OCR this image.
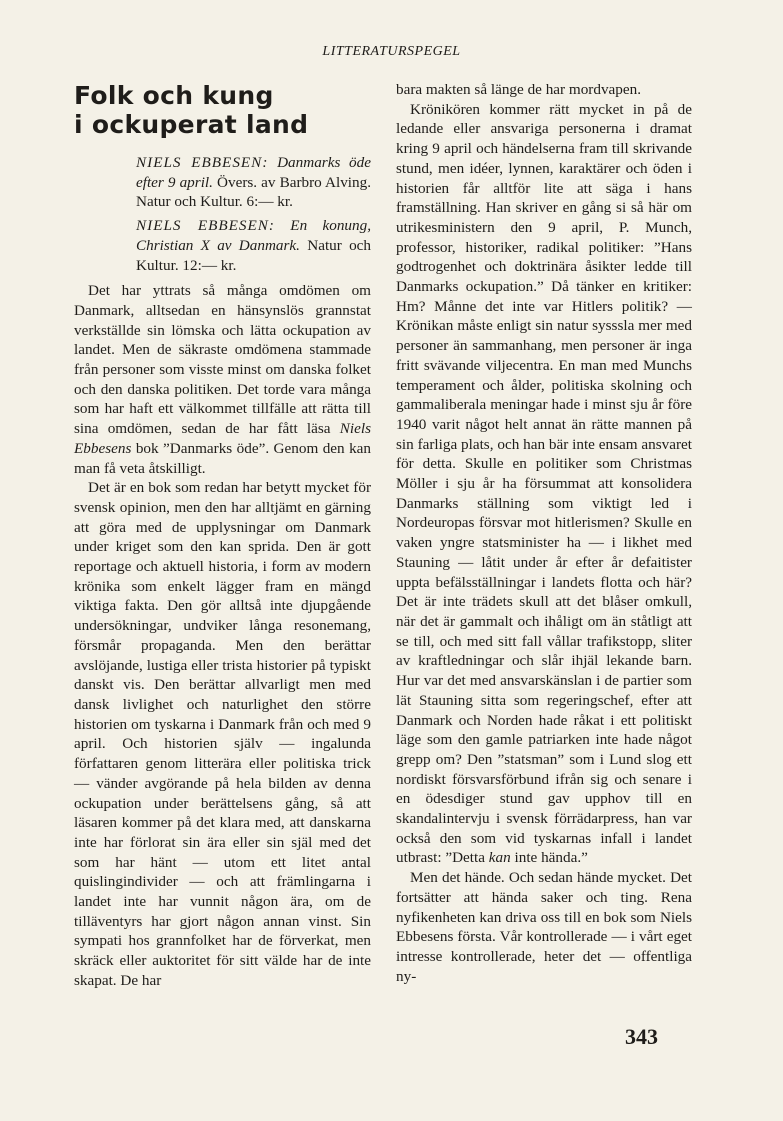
LITTERATURSPEGEL
Folk och kung
i ockuperat land
NIELS EBBESEN: Danmarks öde efter 9 april. Övers. av Barbro Alving. Natur och Kultur. 6:— kr.
NIELS EBBESEN: En konung, Christian X av Danmark. Natur och Kultur. 12:— kr.

Det har yttrats så många omdömen om Danmark, alltsedan en hänsynslös grannstat verkställde sin lömska och lätta ockupation av landet. Men de säkraste omdömena stammade från personer som visste minst om danska folket och den danska politiken. Det torde vara många som har haft ett välkommet tillfälle att rätta till sina omdömen, sedan de har fått läsa Niels Ebbesens bok ”Danmarks öde”. Genom den kan man få veta åtskilligt.

Det är en bok som redan har betytt mycket för svensk opinion, men den har alltjämt en gärning att göra med de upplysningar om Danmark under kriget som den kan sprida. Den är gott reportage och aktuell historia, i form av modern krönika som enkelt lägger fram en mängd viktiga fakta. Den gör alltså inte djupgående undersökningar, undviker långa resonemang, försmår propaganda. Men den berättar avslöjande, lustiga eller trista historier på typiskt danskt vis. Den berättar allvarligt men med dansk livlighet och naturlighet den större historien om tyskarna i Danmark från och med 9 april. Och historien själv — ingalunda författaren genom litterära eller politiska trick — vänder avgörande på hela bilden av denna ockupation under berättelsens gång, så att läsaren kommer på det klara med, att danskarna inte har förlorat sin ära eller sin själ med det som har hänt — utom ett litet antal quislingindivider — och att främlingarna i landet inte har vunnit någon ära, om de tilläventyrs har gjort någon annan vinst. Sin sympati hos grannfolket har de förverkat, men skräck eller auktoritet för sitt välde har de inte skapat. De har

bara makten så länge de har mordvapen.

Krönikören kommer rätt mycket in på de ledande eller ansvariga personerna i dramat kring 9 april och händelserna fram till skrivande stund, men idéer, lynnen, karaktärer och öden i historien får alltför lite att säga i hans framställning. Han skriver en gång si så här om utrikesministern den 9 april, P. Munch, professor, historiker, radikal politiker: ”Hans godtrogenhet och doktrinära åsikter ledde till Danmarks ockupation.” Då tänker en kritiker: Hm? Månne det inte var Hitlers politik? — Krönikan måste enligt sin natur sysssla mer med personer än sammanhang, men personer är inga fritt svävande viljecentra. En man med Munchs temperament och ålder, politiska skolning och gammaliberala meningar hade i minst sju år före 1940 varit något helt annat än rätte mannen på sin farliga plats, och han bär inte ensam ansvaret för detta. Skulle en politiker som Christmas Möller i sju år ha försummat att konsolidera Danmarks ställning som viktigt led i Nordeuropas försvar mot hitlerismen? Skulle en vaken yngre statsminister ha — i likhet med Stauning — låtit under år efter år defaitister uppta befälsställningar i landets flotta och här? Det är inte trädets skull att det blåser omkull, när det är gammalt och ihåligt om än ståtligt att se till, och med sitt fall vållar trafikstopp, sliter av kraftledningar och slår ihjäl lekande barn. Hur var det med ansvarskänslan i de partier som lät Stauning sitta som regeringschef, efter att Danmark och Norden hade råkat i ett politiskt läge som den gamle patriarken inte hade något grepp om? Den ”statsman” som i Lund slog ett nordiskt försvarsförbund ifrån sig och senare i en ödesdiger stund gav upphov till en skandalintervju i svensk förrädarpress, han var också den som vid tyskarnas infall i landet utbrast: ”Detta kan inte hända.”

Men det hände. Och sedan hände mycket. Det fortsätter att hända saker och ting. Rena nyfikenheten kan driva oss till en bok som Niels Ebbesens första. Vår kontrollerade — i vårt eget intresse kontrollerade, heter det — offentliga ny-

343
